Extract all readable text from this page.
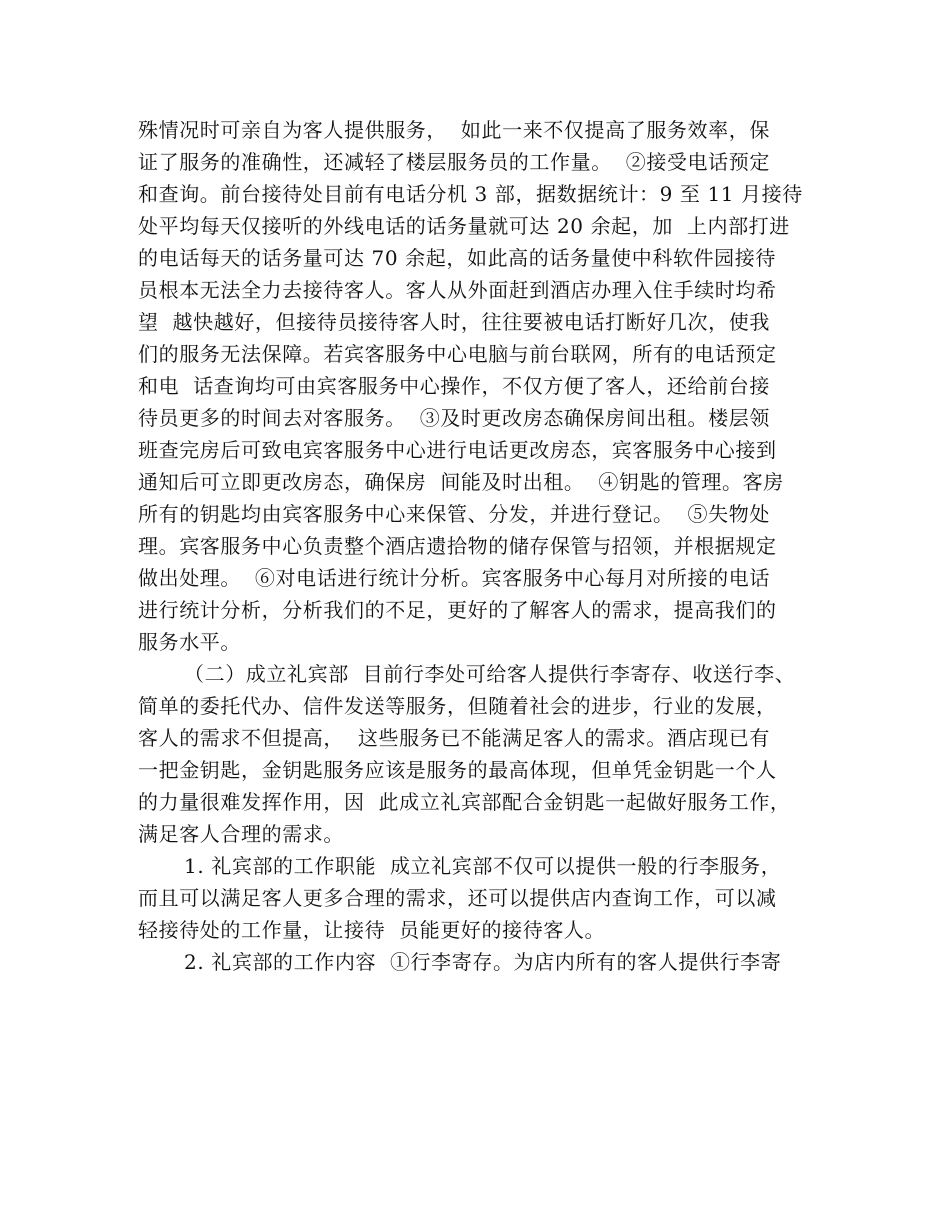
殊情况时可亲自为客人提供服务，  如此一来不仅提高了服务效率，保
证了服务的准确性，还减轻了楼层服务员的工作量。  ②接受电话预定
和查询。前台接待处目前有电话分机 3 部，据数据统计：9 至 11 月接待
处平均每天仅接听的外线电话的话务量就可达 20 余起，加  上内部打进
的电话每天的话务量可达 70 余起，如此高的话务量使中科软件园接待
员根本无法全力去接待客人。客人从外面赶到酒店办理入住手续时均希
望  越快越好，但接待员接待客人时，往往要被电话打断好几次，使我
们的服务无法保障。若宾客服务中心电脑与前台联网，所有的电话预定
和电  话查询均可由宾客服务中心操作，不仅方便了客人，还给前台接
待员更多的时间去对客服务。  ③及时更改房态确保房间出租。楼层领
班查完房后可致电宾客服务中心进行电话更改房态，宾客服务中心接到
通知后可立即更改房态，确保房  间能及时出租。  ④钥匙的管理。客房
所有的钥匙均由宾客服务中心来保管、分发，并进行登记。  ⑤失物处
理。宾客服务中心负责整个酒店遗拾物的储存保管与招领，并根据规定
做出处理。  ⑥对电话进行统计分析。宾客服务中心每月对所接的电话
进行统计分析，分析我们的不足，更好的了解客人的需求，提高我们的
服务水平。
（二）成立礼宾部  目前行李处可给客人提供行李寄存、收送行李、
简单的委托代办、信件发送等服务，但随着社会的进步，行业的发展，
客人的需求不但提高，  这些服务已不能满足客人的需求。酒店现已有
一把金钥匙，金钥匙服务应该是服务的最高体现，但单凭金钥匙一个人
的力量很难发挥作用，因  此成立礼宾部配合金钥匙一起做好服务工作，
满足客人合理的需求。
1. 礼宾部的工作职能  成立礼宾部不仅可以提供一般的行李服务，
而且可以满足客人更多合理的需求，还可以提供店内查询工作，可以减
轻接待处的工作量，让接待  员能更好的接待客人。
2. 礼宾部的工作内容  ①行李寄存。为店内所有的客人提供行李寄
